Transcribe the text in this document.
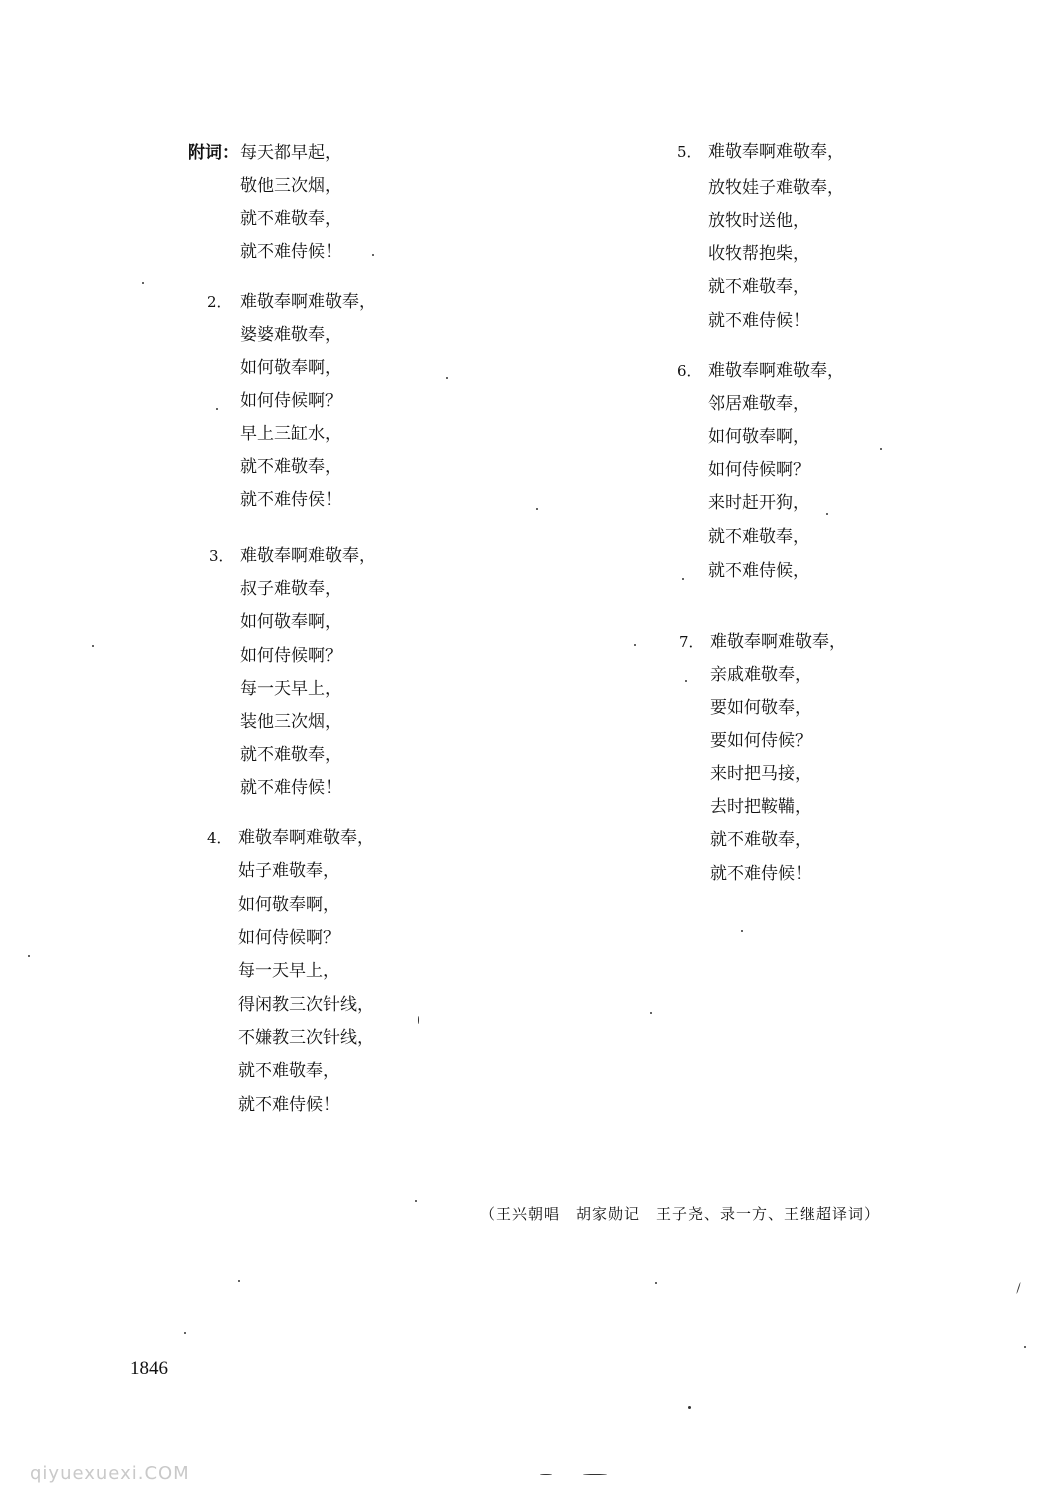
附词： 每天都早起，
敬他三次烟，
就不难敬奉，
就不难侍候！
2． 难敬奉啊难敬奉，
婆婆难敬奉，
如何敬奉啊，
如何侍候啊？
早上三缸水，
就不难敬奉，
就不难侍侯！
3． 难敬奉啊难敬奉，
叔子难敬奉，
如何敬奉啊，
如何侍候啊？
每一天早上，
装他三次烟，
就不难敬奉，
就不难侍候！
4． 难敬奉啊难敬奉，
姑子难敬奉，
如何敬奉啊，
如何侍候啊？
每一天早上，
得闲教三次针线，
不嫌教三次针线，
就不难敬奉，
就不难侍候！
5． 难敬奉啊难敬奉，
放牧娃子难敬奉，
放牧时送他，
收牧帮抱柴，
就不难敬奉，
就不难侍候！
6． 难敬奉啊难敬奉，
邻居难敬奉，
如何敬奉啊，
如何侍候啊？
来时赶开狗，
就不难敬奉，
就不难侍候，
7． 难敬奉啊难敬奉，
亲戚难敬奉，
要如何敬奉，
要如何侍候？
来时把马接，
去时把鞍鞴，
就不难敬奉，
就不难侍候！
（王兴朝唱　胡家勋记　王子尧、录一方、王继超译词）
1846
qiyuexuexi.COM
